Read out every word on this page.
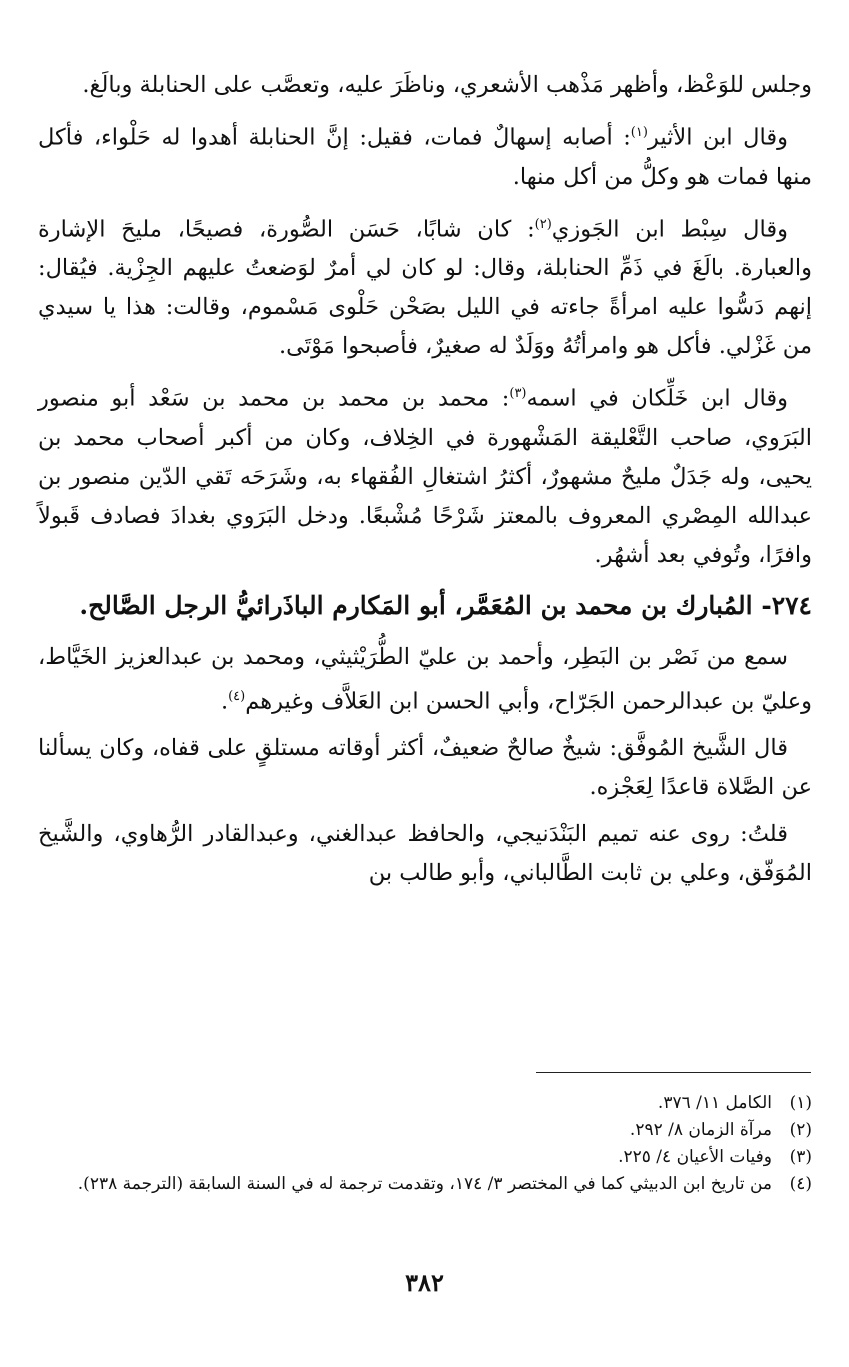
وجلس للوَعْظ، وأظهر مَذْهب الأشعري، وناظَرَ عليه، وتعصَّب على الحنابلة وبالَغ.

وقال ابن الأثير$^{(١)}$: أصابه إسهالٌ فمات، فقيل: إنَّ الحنابلة أهدوا له حَلْواء، فأكل منها فمات هو وكلُّ من أكل منها.

وقال سِبْط ابن الجَوزي$^{(٢)}$: كان شابًا، حَسَن الصُّورة، فصيحًا، مليحَ الإشارة والعبارة. بالَغَ في ذَمِّ الحنابلة، وقال: لو كان لي أمرٌ لوَضعتُ عليهم الجِزْية. فيُقال: إنهم دَسُّوا عليه امرأةً جاءته في الليل بصَحْن حَلْوى مَسْموم، وقالت: هذا يا سيدي من غَزْلي. فأكل هو وامرأتُهُ ووَلَدٌ له صغيرٌ، فأصبحوا مَوْتَى.

وقال ابن خَلِّكان في اسمه$^{(٣)}$: محمد بن محمد بن محمد بن سَعْد أبو منصور البَرَوي، صاحب التَّعْليقة المَشْهورة في الخِلاف، وكان من أكبر أصحاب محمد بن يحيى، وله جَدَلٌ مليحٌ مشهورٌ، أكثرُ اشتغالِ الفُقهاء به، وشَرَحَه تَقي الدّين منصور بن عبدالله المِصْري المعروف بالمعتز شَرْحًا مُشْبعًا. ودخل البَرَوي بغدادَ فصادف قَبولاً وافرًا، وتُوفي بعد أشهُر.

٢٧٤- المُبارك بن محمد بن المُعَمَّر، أبو المَكارم الباذَرائيُّ الرجل الصَّالح.

سمع من نَصْر بن البَطِر، وأحمد بن عليّ الطُّرَيْثيثي، ومحمد بن عبدالعزيز الخَيَّاط، وعليّ بن عبدالرحمن الجَرّاح، وأبي الحسن ابن العَلاَّف وغيرهم$^{(٤)}$.

قال الشَّيخ المُوفَّق: شيخٌ صالحٌ ضعيفٌ، أكثر أوقاته مستلقٍ على قفاه، وكان يسألنا عن الصَّلاة قاعدًا لِعَجْزه.

قلتُ: روى عنه تميم البَنْدَنيجي، والحافظ عبدالغني، وعبدالقادر الرُّهاوي، والشَّيخ المُوَفّق، وعلي بن ثابت الطَّالباني، وأبو طالب بن

(١)
الكامل ١١/ ٣٧٦.
(٢)
مرآة الزمان ٨/ ٢٩٢.
(٣)
وفيات الأعيان ٤/ ٢٢٥.
(٤)
من تاريخ ابن الدبيثي كما في المختصر ٣/ ١٧٤، وتقدمت ترجمة له في السنة السابقة (الترجمة ٢٣٨).
٣٨٢
